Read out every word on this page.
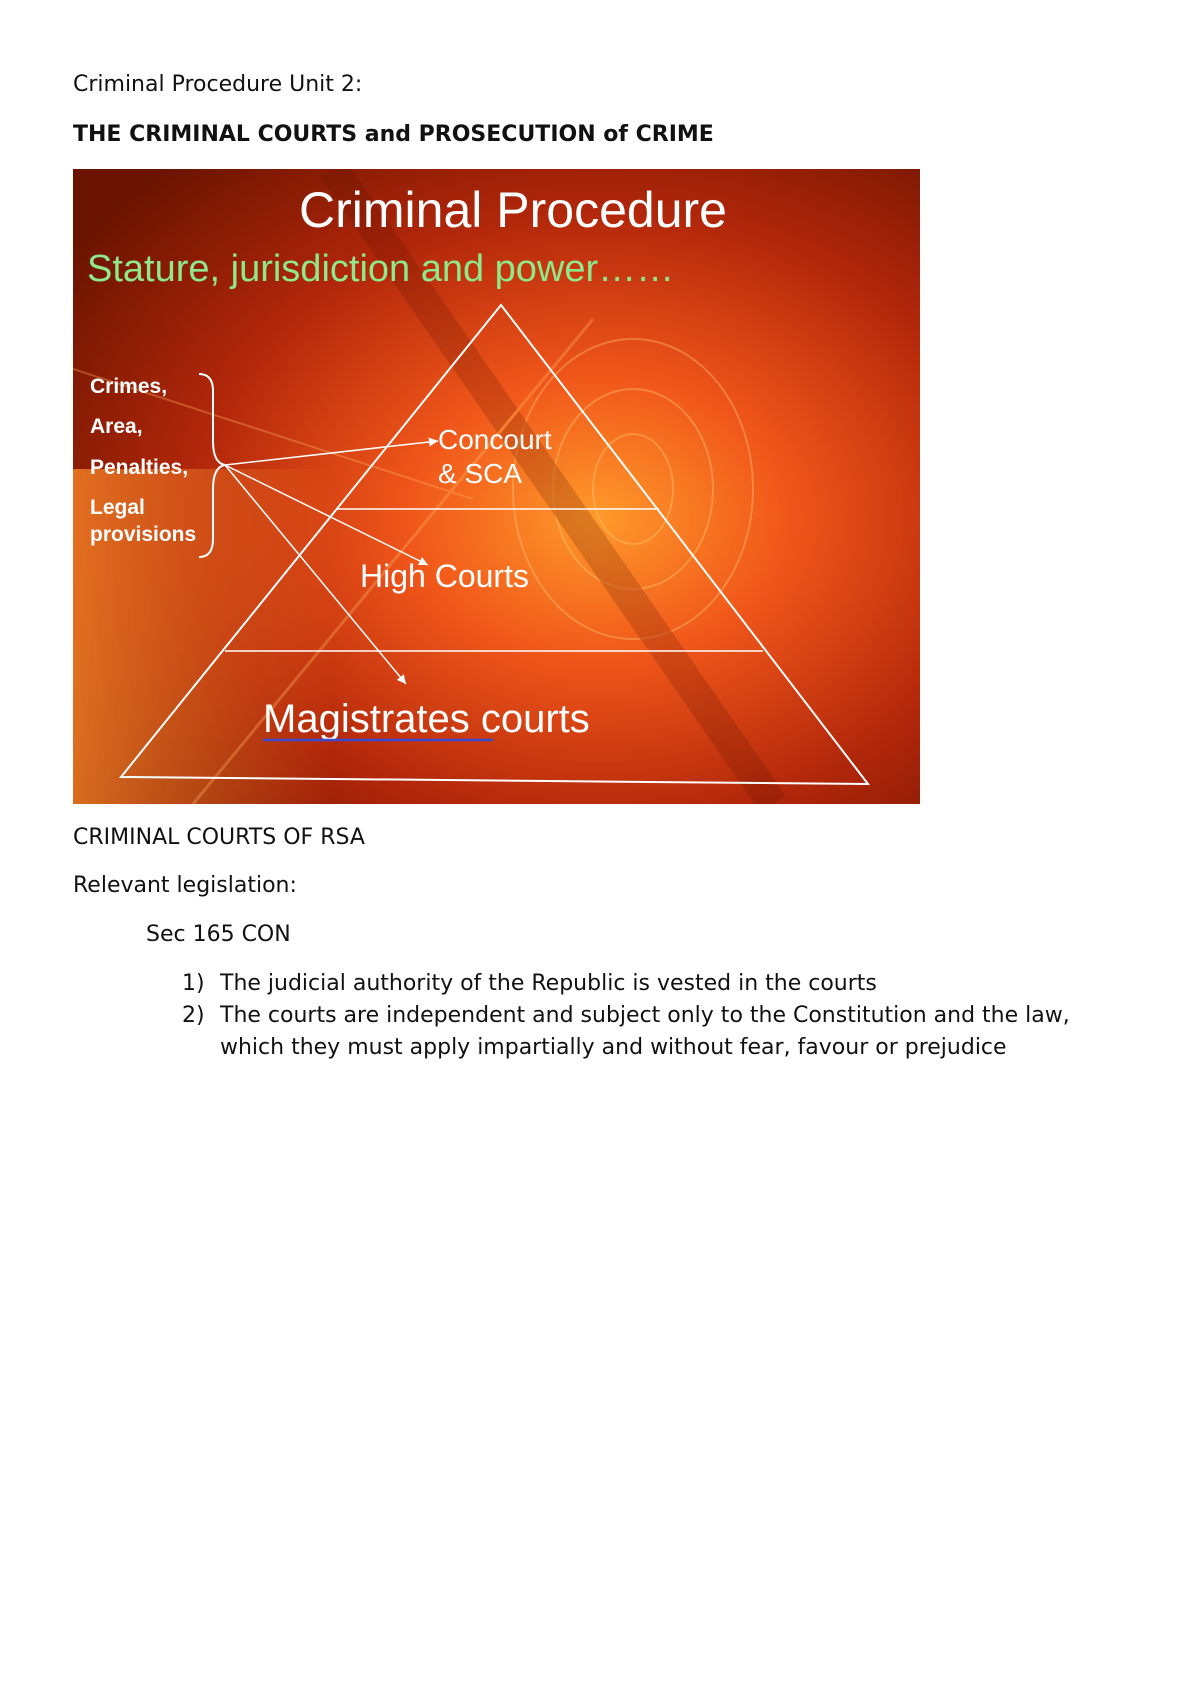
Criminal Procedure Unit 2:
THE CRIMINAL COURTS and PROSECUTION of CRIME
Criminal Procedure
Stature, jurisdiction and power……
Crimes,
Area,
Penalties,
Legal
provisions
Concourt
& SCA
High Courts
Magistrates courts
CRIMINAL COURTS OF RSA
Relevant legislation:
Sec 165 CON
1) The judicial authority of the Republic is vested in the courts
2) The courts are independent and subject only to the Constitution and the law, which they must apply impartially and without fear, favour or prejudice
